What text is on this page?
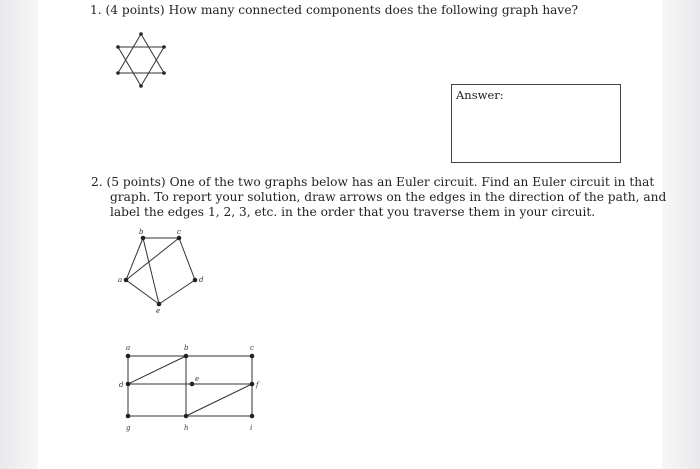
1. (4 points) How many connected components does the following graph have?
Answer:
2. (5 points) One of the two graphs below has an Euler circuit. Find an Euler circuit in that
graph. To report your solution, draw arrows on the edges in the direction of the path, and
label the edges 1, 2, 3, etc. in the order that you traverse them in your circuit.
a
b	c
d
e
a	b	c
d
e
f
g	h	i
